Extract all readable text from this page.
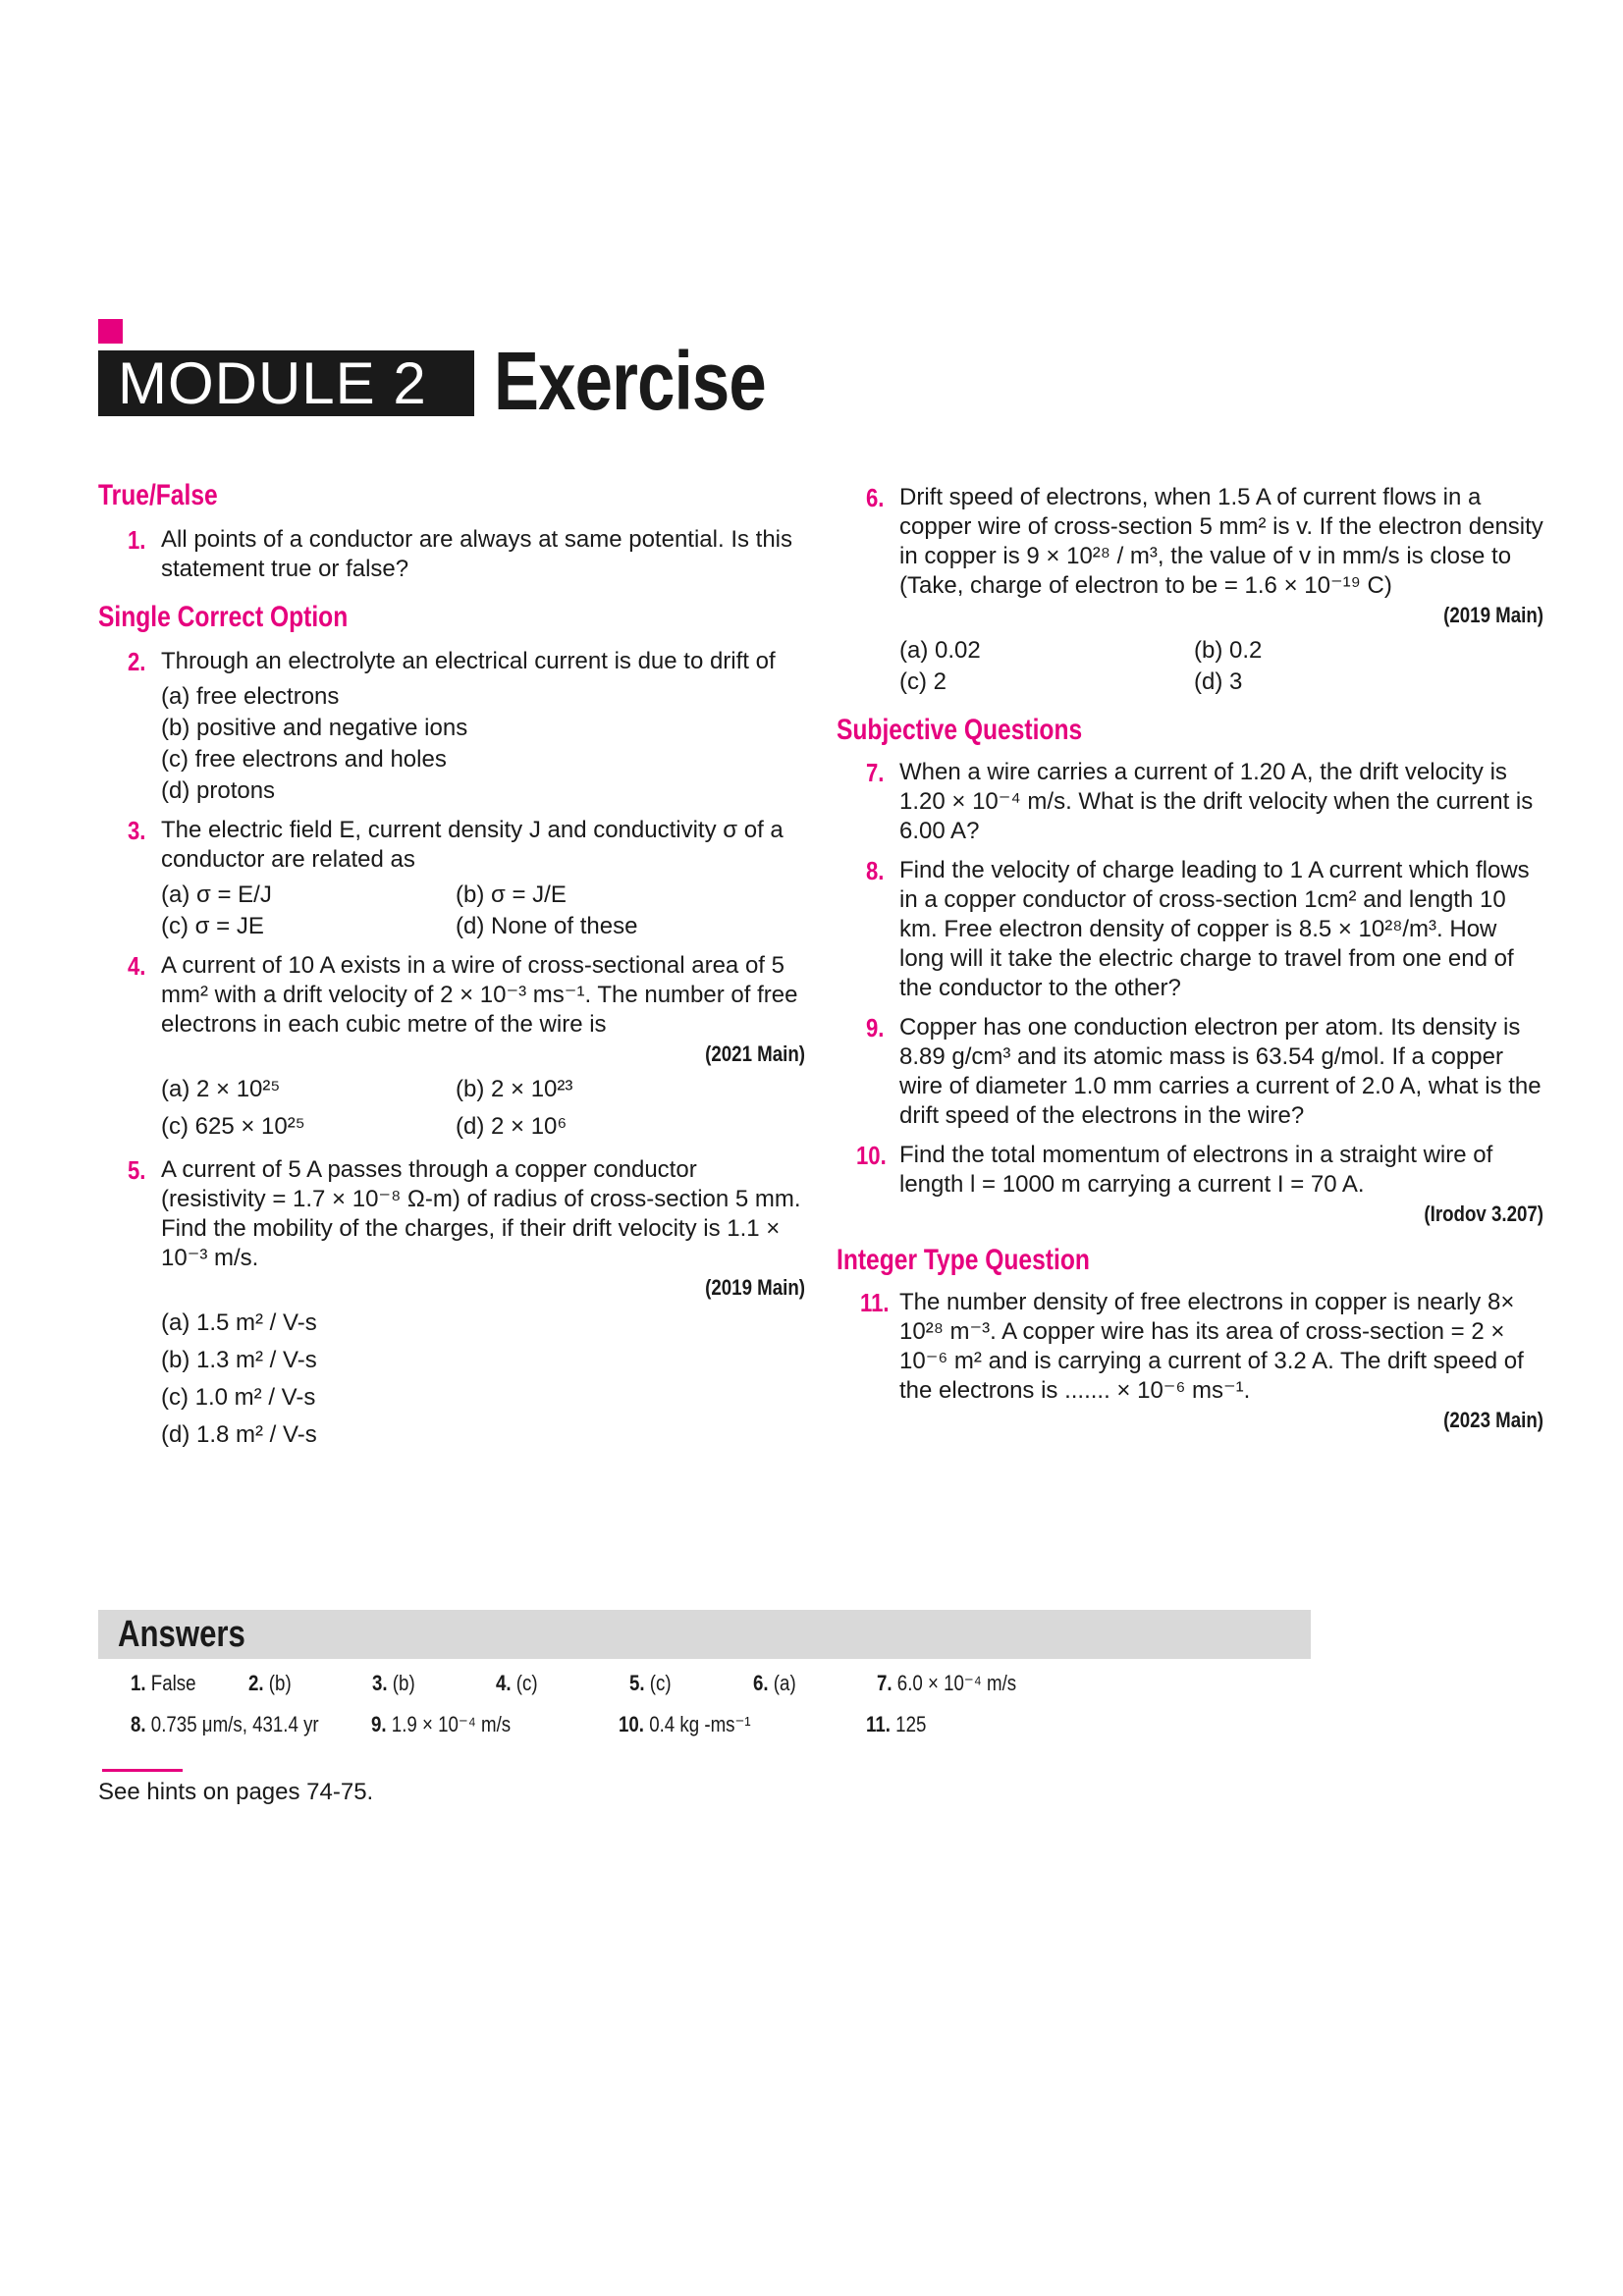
MODULE 2 Exercise
True/False
1. All points of a conductor are always at same potential. Is this statement true or false?
Single Correct Option
2. Through an electrolyte an electrical current is due to drift of
(a) free electrons
(b) positive and negative ions
(c) free electrons and holes
(d) protons
3. The electric field E, current density J and conductivity σ of a conductor are related as
(a) σ = E/J	(b) σ = J/E
(c) σ = JE	(d) None of these
4. A current of 10 A exists in a wire of cross-sectional area of 5 mm² with a drift velocity of 2 × 10⁻³ ms⁻¹. The number of free electrons in each cubic metre of the wire is
(2021 Main)
(a) 2 × 10²⁵	(b) 2 × 10²³
(c) 625 × 10²⁵	(d) 2 × 10⁶
5. A current of 5 A passes through a copper conductor (resistivity = 1.7 × 10⁻⁸ Ω-m) of radius of cross-section 5 mm. Find the mobility of the charges, if their drift velocity is 1.1 × 10⁻³ m/s.
(2019 Main)
(a) 1.5 m² / V-s
(b) 1.3 m² / V-s
(c) 1.0 m² / V-s
(d) 1.8 m² / V-s
6. Drift speed of electrons, when 1.5 A of current flows in a copper wire of cross-section 5 mm² is v. If the electron density in copper is 9 × 10²⁸ / m³, the value of v in mm/s is close to (Take, charge of electron to be = 1.6 × 10⁻¹⁹ C)
(2019 Main)
(a) 0.02	(b) 0.2
(c) 2	(d) 3
Subjective Questions
7. When a wire carries a current of 1.20 A, the drift velocity is 1.20 × 10⁻⁴ m/s. What is the drift velocity when the current is 6.00 A?
8. Find the velocity of charge leading to 1 A current which flows in a copper conductor of cross-section 1cm² and length 10 km. Free electron density of copper is 8.5 × 10²⁸/m³. How long will it take the electric charge to travel from one end of the conductor to the other?
9. Copper has one conduction electron per atom. Its density is 8.89 g/cm³ and its atomic mass is 63.54 g/mol. If a copper wire of diameter 1.0 mm carries a current of 2.0 A, what is the drift speed of the electrons in the wire?
10. Find the total momentum of electrons in a straight wire of length l = 1000 m carrying a current I = 70 A.
(Irodov 3.207)
Integer Type Question
11. The number density of free electrons in copper is nearly 8× 10²⁸ m⁻³. A copper wire has its area of cross-section = 2 × 10⁻⁶ m² and is carrying a current of 3.2 A. The drift speed of the electrons is ....... × 10⁻⁶ ms⁻¹.
(2023 Main)
Answers
1. False 2. (b)	3. (b)	4. (c)	5. (c)	6. (a)	7. 6.0 × 10⁻⁴ m/s
8. 0.735 μm/s, 431.4 yr 9. 1.9 × 10⁻⁴ m/s	10. 0.4 kg -ms⁻¹	11. 125
See hints on pages 74-75.
